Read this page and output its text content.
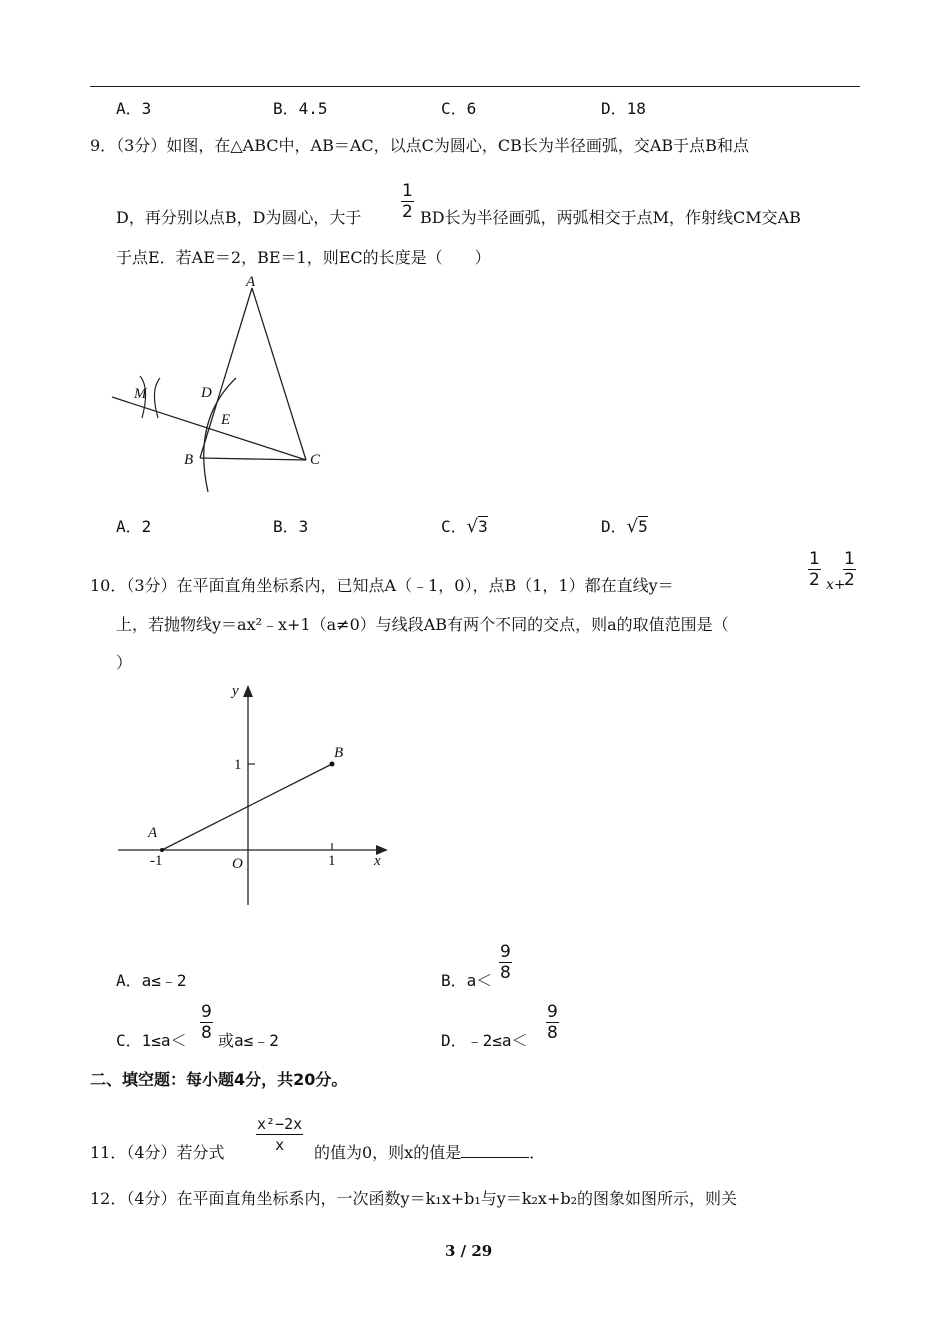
A．3	B．4.5	C．6	D．18
9．（3分）如图，在△ABC中，AB＝AC，以点C为圆心，CB长为半径画弧，交AB于点B和点
D，再分别以点B，D为圆心，大于 $\frac{1}{2}$ BD长为半径画弧，两弧相交于点M，作射线CM交AB
于点E．若AE＝2，BE＝1，则EC的长度是（　　）
A
D
E
M
B	C
A．2	B．3	C．√3	D．√5
10．（3分）在平面直角坐标系内，已知点A（﹣1，0），点B（1，1）都在直线y＝	$\frac{1}{2} x+$
$\frac{1}{2}$
上，若抛物线y＝ax²﹣x+1（a≠0）与线段AB有两个不同的交点，则a的取值范围是（
）
y
x
O
A
B
1
1
-1
A．a≤﹣2	B．$a< \frac{9}{8}$
C．$1\le a< \frac{9}{8}$ 或a≤﹣2	D．﹣2≤a＜ $\frac{9}{8}$
二、填空题：每小题4分，共20分。
11．（4分）若分式 $\frac{\text{x²−2x}}{x}$ 的值为0，则x的值是	．
12．（4分）在平面直角坐标系内，一次函数y＝k₁x+b₁与y＝k₂x+b₂的图象如图所示，则关
3 / 29
